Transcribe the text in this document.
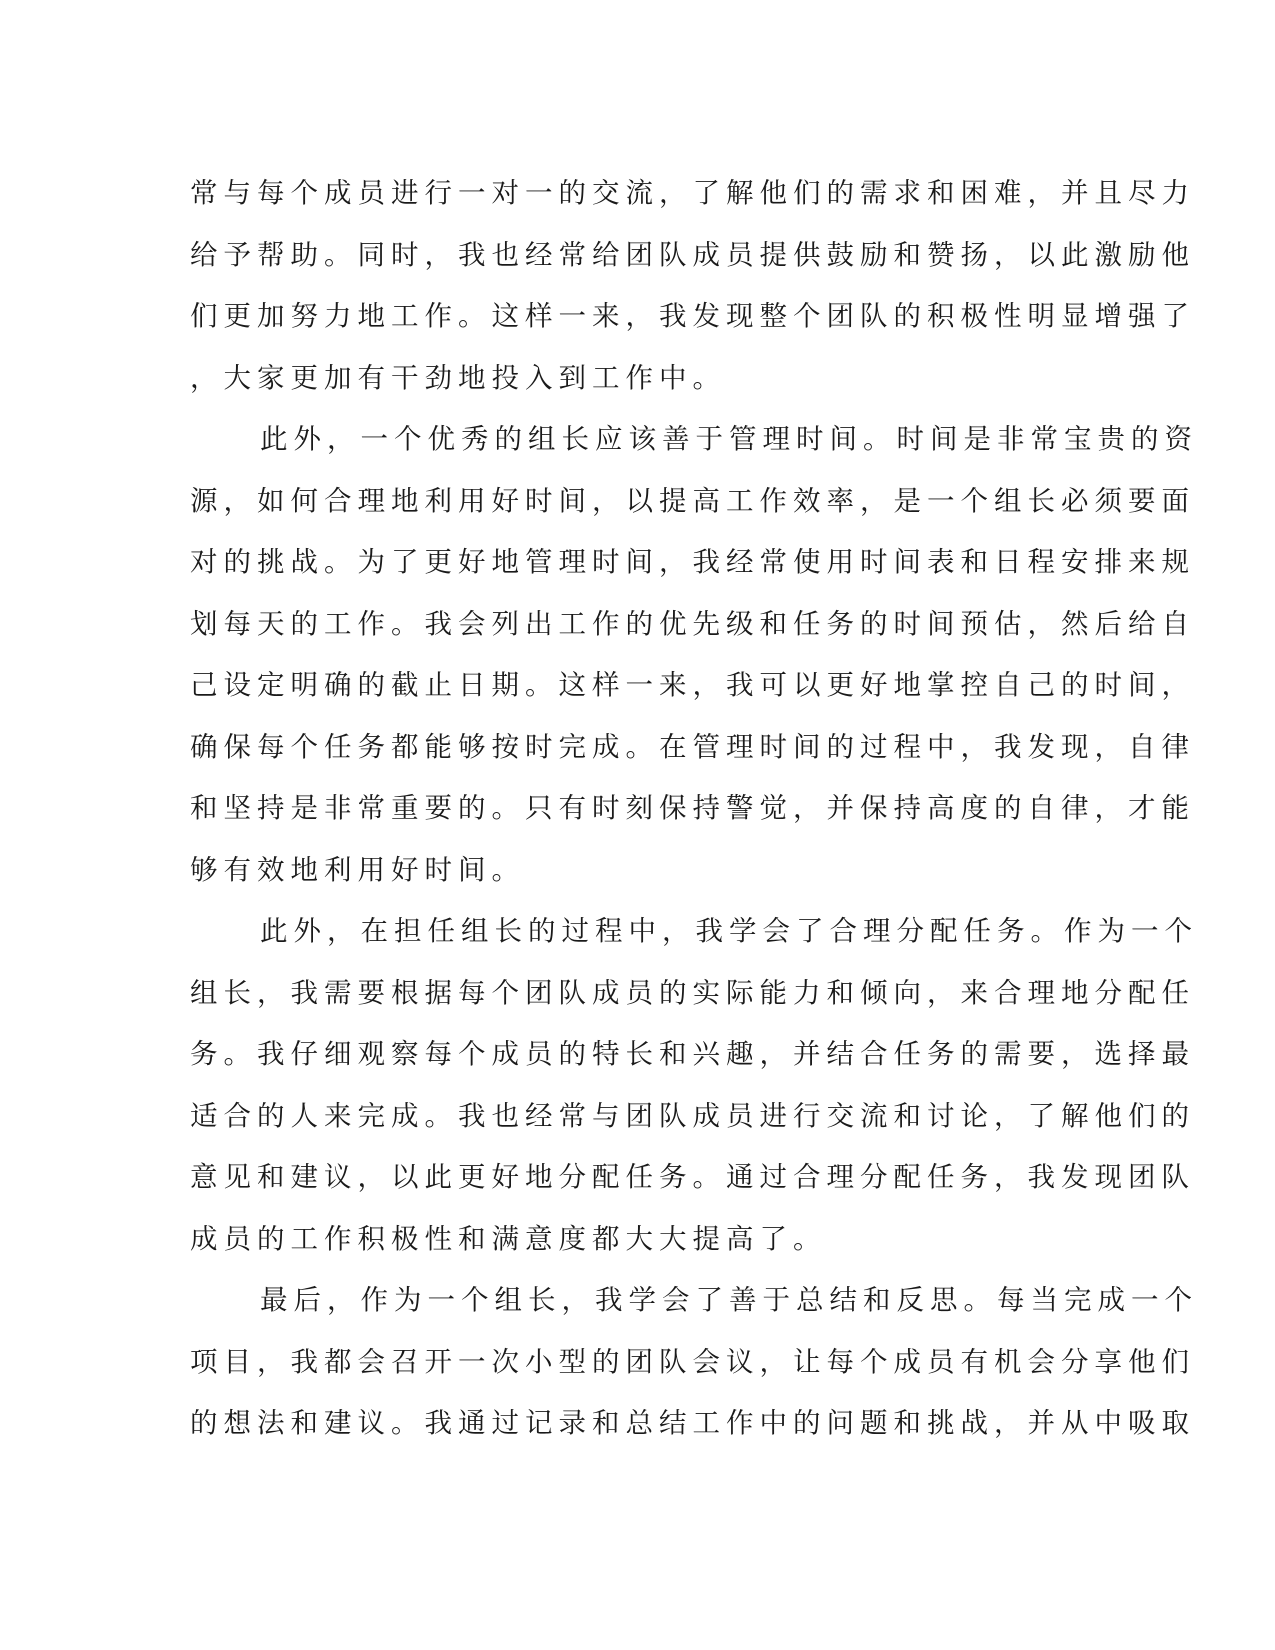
常与每个成员进行一对一的交流，了解他们的需求和困难，并且尽力
给予帮助。同时，我也经常给团队成员提供鼓励和赞扬，以此激励他
们更加努力地工作。这样一来，我发现整个团队的积极性明显增强了
，大家更加有干劲地投入到工作中。
此外，一个优秀的组长应该善于管理时间。时间是非常宝贵的资
源，如何合理地利用好时间，以提高工作效率，是一个组长必须要面
对的挑战。为了更好地管理时间，我经常使用时间表和日程安排来规
划每天的工作。我会列出工作的优先级和任务的时间预估，然后给自
己设定明确的截止日期。这样一来，我可以更好地掌控自己的时间，
确保每个任务都能够按时完成。在管理时间的过程中，我发现，自律
和坚持是非常重要的。只有时刻保持警觉，并保持高度的自律，才能
够有效地利用好时间。
此外，在担任组长的过程中，我学会了合理分配任务。作为一个
组长，我需要根据每个团队成员的实际能力和倾向，来合理地分配任
务。我仔细观察每个成员的特长和兴趣，并结合任务的需要，选择最
适合的人来完成。我也经常与团队成员进行交流和讨论，了解他们的
意见和建议，以此更好地分配任务。通过合理分配任务，我发现团队
成员的工作积极性和满意度都大大提高了。
最后，作为一个组长，我学会了善于总结和反思。每当完成一个
项目，我都会召开一次小型的团队会议，让每个成员有机会分享他们
的想法和建议。我通过记录和总结工作中的问题和挑战，并从中吸取
